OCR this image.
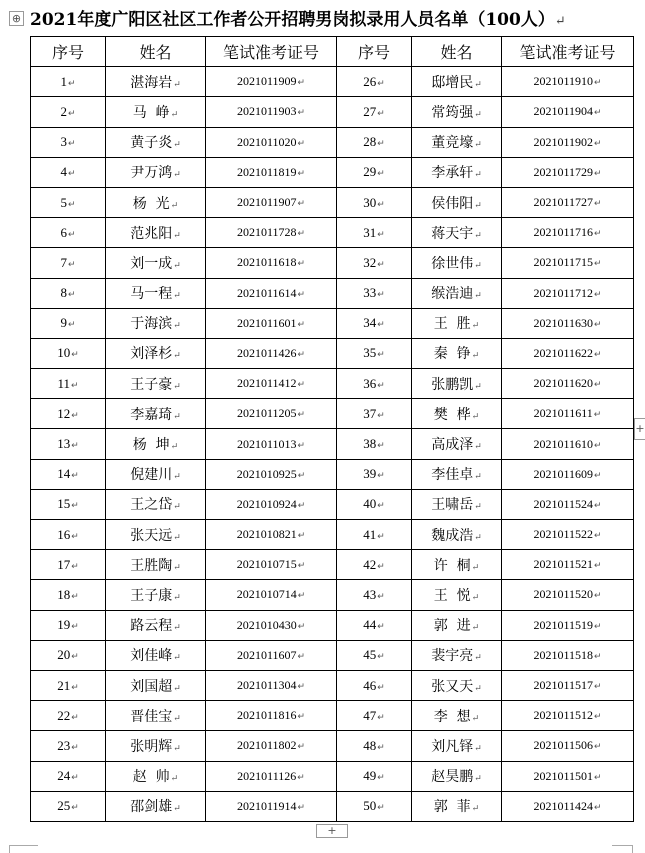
⊕ 2021年度广阳区社区工作者公开招聘男岗拟录用人员名单（100人）↵
序号	姓名	笔试准考证号	序号	姓名	笔试准考证号
1↵	湛海岩↵	2021011909↵	26↵	邸增民↵	2021011910↵
2↵	马  峥↵	2021011903↵	27↵	常筠强↵	2021011904↵
3↵	黄子炎↵	2021011020↵	28↵	董竞壕↵	2021011902↵
4↵	尹万鸿↵	2021011819↵	29↵	李承轩↵	2021011729↵
5↵	杨  光↵	2021011907↵	30↵	侯伟阳↵	2021011727↵
6↵	范兆阳↵	2021011728↵	31↵	蒋天宇↵	2021011716↵
7↵	刘一成↵	2021011618↵	32↵	徐世伟↵	2021011715↵
8↵	马一程↵	2021011614↵	33↵	缑浩迪↵	2021011712↵
9↵	于海滨↵	2021011601↵	34↵	王  胜↵	2021011630↵
10↵	刘泽杉↵	2021011426↵	35↵	秦  铮↵	2021011622↵
11↵	王子豪↵	2021011412↵	36↵	张鹏凯↵	2021011620↵
12↵	李嘉琦↵	2021011205↵	37↵	樊  桦↵	2021011611↵
13↵	杨  坤↵	2021011013↵	38↵	高成泽↵	2021011610↵
14↵	倪建川↵	2021010925↵	39↵	李佳卓↵	2021011609↵
15↵	王之岱↵	2021010924↵	40↵	王啸岳↵	2021011524↵
16↵	张天远↵	2021010821↵	41↵	魏成浩↵	2021011522↵
17↵	王胜陶↵	2021010715↵	42↵	许  桐↵	2021011521↵
18↵	王子康↵	2021010714↵	43↵	王  悦↵	2021011520↵
19↵	路云程↵	2021010430↵	44↵	郭  进↵	2021011519↵
20↵	刘佳峰↵	2021011607↵	45↵	裴宇亮↵	2021011518↵
21↵	刘国超↵	2021011304↵	46↵	张又天↵	2021011517↵
22↵	晋佳宝↵	2021011816↵	47↵	李  想↵	2021011512↵
23↵	张明辉↵	2021011802↵	48↵	刘凡铎↵	2021011506↵
24↵	赵  帅↵	2021011126↵	49↵	赵昊鹏↵	2021011501↵
25↵	邵剑雄↵	2021011914↵	50↵	郭  菲↵	2021011424↵
+
+
